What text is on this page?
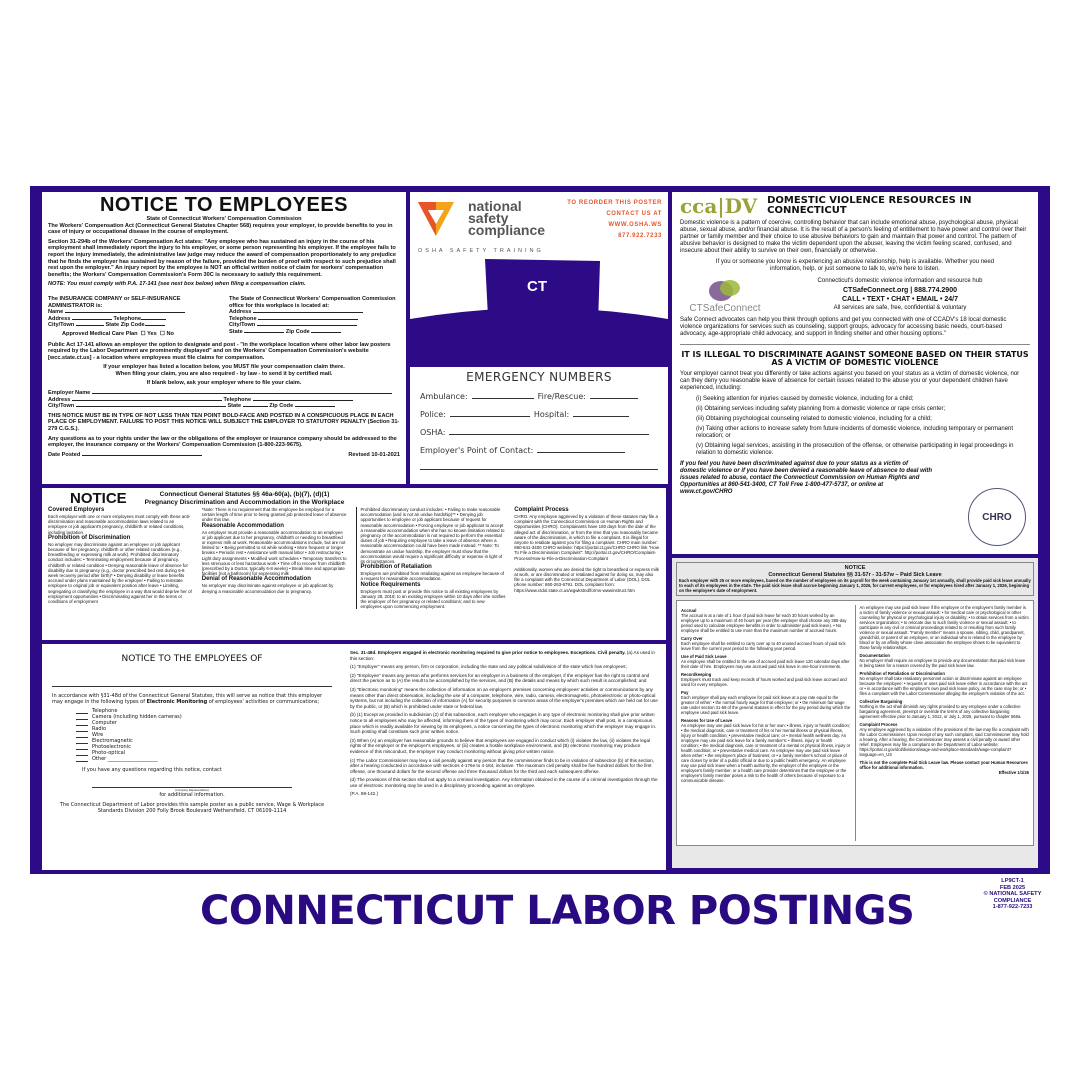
NOTICE TO EMPLOYEES
State of Connecticut Workers' Compensation Commission

The Workers' Compensation Act (Connecticut General Statutes Chapter 568) requires your employer, to provide benefits to you in case of injury or occupational disease in the course of employment.

Section 31-294b of the Workers' Compensation Act states: "Any employee who has sustained an injury in the course of his employment shall immediately report the injury to his employer, or some person representing his employer. If the employee fails to report the injury immediately, the administrative law judge may reduce the award of compensation proportionately to any prejudice that he finds the employer has sustained by reason of the failure, provided the burden of proof with respect to such prejudice shall rest upon the employer." An injury report by the employee is NOT an official written notice of claim for workers' compensation benefits; the Workers' Compensation Commission's Form 30C is necessary to satisfy this requirement.

NOTE: You must comply with P.A. 17-141 (see next box below) when filing a compensation claim.

The INSURANCE COMPANY or SELF-INSURANCE ADMINISTRATOR is:
Name
Address	Telephone
City/Town	State Zip Code
Approved Medical Care Plan  ☐ Yes  ☐ No
The State of Connecticut Workers' Compensation Commission office for this workplace is located at:
Address
Telephone
City/Town
State	Zip Code

Public Act 17-141 allows an employer the option to designate and post - "in the workplace location where other labor law posters required by the Labor Department are prominently displayed" and on the Workers' Compensation Commission's website [wcc.state.ct.us] - a location where employees must file claims for compensation.

If your employer has listed a location below, you MUST file your compensation claim there.
When filing your claim, you are also required - by law - to send it by certified mail.
If blank below, ask your employer where to file your claim.
Employer Name
Address	Telephone
City/Town	State	Zip Code

THIS NOTICE MUST BE IN TYPE OF NOT LESS THAN TEN POINT BOLD-FACE AND POSTED IN A CONSPICUOUS PLACE IN EACH PLACE OF EMPLOYMENT. FAILURE TO POST THIS NOTICE WILL SUBJECT THE EMPLOYER TO STATUTORY PENALTY (Section 31-279 C.G.S.).

Any questions as to your rights under the law or the obligations of the employer or insurance company should be addressed to the employer, the insurance company or the Workers' Compensation Commission (1-800-223-9675).

Date Posted	Revised 10-01-2021
national
safety
compliance
OSHA SAFETY TRAINING
TO REORDER THIS POSTER
CONTACT US AT
WWW.OSHA.WS
877.922.7233
CT
EMERGENCY NUMBERS
Ambulance:	Fire/Rescue:
Police:	Hospital:
OSHA:
Employer's Point of Contact:
cca|DV DOMESTIC VIOLENCE RESOURCES IN CONNECTICUT

Domestic violence is a pattern of coercive, controlling behavior that can include emotional abuse, psychological abuse, physical abuse, sexual abuse, and/or financial abuse. It is the result of a person's feeling of entitlement to have power and control over their partner or family member and their choice to use abusive behaviors to gain and maintain that power and control. The pattern of abusive behavior is designed to make the victim dependent upon the abuser, leaving the victim feeling scared, confused, and insecure about their ability to survive on their own, financially or otherwise.

If you or someone you know is experiencing an abusive relationship, help is available. Whether you need information, help, or just someone to talk to, we're here to listen.

CTSafeConnect
Connecticut's domestic violence information and resource hub
CTSafeConnect.org | 888.774.2900
CALL • TEXT • CHAT • EMAIL • 24/7
All services are safe, free, confidential & voluntary

Safe Connect advocates can help you think through options and get you connected with one of CCADV's 18 local domestic violence organizations for services such as counseling, support groups, advocacy for accessing basic needs, court-based advocacy, age-appropriate child advocacy, and support in finding shelter and other housing options."

IT IS ILLEGAL TO DISCRIMINATE AGAINST SOMEONE BASED ON THEIR STATUS AS A VICTIM OF DOMESTIC VIOLENCE

Your employer cannot treat you differently or take actions against you based on your status as a victim of domestic violence, nor can they deny you reasonable leave of absence for certain issues related to the abuse you or your dependent children have experienced, including:

(i) Seeking attention for injuries caused by domestic violence, including for a child;
(ii) Obtaining services including safety planning from a domestic violence or rape crisis center;
(iii) Obtaining psychological counseling related to domestic violence, including for a child;
(iv) Taking other actions to increase safety from future incidents of domestic violence, including temporary or permanent relocation; or
(v) Obtaining legal services, assisting in the prosecution of the offense, or otherwise participating in legal proceedings in relation to domestic violence.

If you feel you have been discriminated against due to your status as a victim of domestic violence or if you have been denied a reasonable leave of absence to deal with issues related to abuse, contact the Connecticut Commission on Human Rights and Opportunities at 860-541-3400, CT Toll Free 1-800-477-5737, or online at www.ct.gov/CHRO

CHRO
NOTICE	Connecticut General Statutes §§ 46a-60(a), (b)(7), (d)(1)
Pregnancy Discrimination and Accommodation in the Workplace
Covered Employers
Each employer with one or more employees must comply with these anti-discrimination and reasonable accommodation laws related to an employee or job applicant's pregnancy, childbirth or related conditions, including lactation.
Prohibition of Discrimination
No employer may discriminate against an employee or job applicant because of her pregnancy, childbirth or other related conditions (e.g., breastfeeding or expressing milk at work). Prohibited discriminatory conduct includes: • Terminating employment because of pregnancy, childbirth or related condition • Denying reasonable leave of absence for disability due to pregnancy (e.g., doctor prescribed bed rest during 6-8 week recovery period after birth)* • Denying disability or leave benefits accrued under plans maintained by the employer • Failing to reinstate employee to original job or equivalent position after leave • Limiting, segregating or classifying the employee in a way that would deprive her of employment opportunities • Discriminating against her in the terms or conditions of employment
*Note: There is no requirement that the employee be employed for a certain length of time prior to being granted job protected leave of absence under this law.
Reasonable Accommodation
An employer must provide a reasonable accommodation to an employee or job applicant due to her pregnancy, childbirth or needing to breastfeed or express milk at work. Reasonable accommodations include, but are not limited to: • Being permitted to sit while working • More frequent or longer breaks • Periodic rest • Assistance with manual labor • Job restructuring • Light duty assignments • Modified work schedules • Temporary transfers to less strenuous or less hazardous work • Time off to recover from childbirth (prescribed by a Doctor, typically 6-8 weeks) • Break time and appropriate facilities (not a bathroom) for expressing milk
Denial of Reasonable Accommodation
No employer may discriminate against employee or job applicant by denying a reasonable accommodation due to pregnancy.
Prohibited discriminatory conduct includes: • Failing to make reasonable accommodation (and is not an undue hardship)** • Denying job opportunities to employee or job applicant because of request for reasonable accommodation • Forcing employee or job applicant to accept a reasonable accommodation when she has no known limitation related to pregnancy or the accommodation is not required to perform the essential duties of job • Requiring employee to take a leave of absence where a reasonable accommodation could have been made instead. ** Note: To demonstrate an undue hardship, the employer must show that the accommodation would require a significant difficulty or expense in light of its circumstances.
Prohibition of Retaliation
Employers are prohibited from retaliating against an employee because of a request for reasonable accommodation.
Notice Requirements
Employers must post or provide this notice to all existing employees by January 28, 2018; to an existing employee within 10 days after she notifies the employer of her pregnancy or related conditions; and to new employees upon commencing employment.
Complaint Process
CHRO. Any employee aggrieved by a violation of these statutes may file a complaint with the Connecticut Commission on Human Rights and Opportunities (CHRO). Complainants have 180 days from the date of the alleged act of discrimination, or from the time that you reasonably became aware of the discrimination, in which to file a complaint. It is illegal for anyone to retaliate against you for filing a complaint. CHRO main number: 860-541-3400 CHRO website: https://portal.ct.gov/CHRO CHRO link "How To File a Discrimination Complaint": http://portal.ct.gov/CHRO/Complaint-Process/How-to-File-a-Discrimination-Complaint
Additionally, women who are denied the right to breastfeed or express milk at work, or are discriminated or retaliated against for doing so, may also file a complaint with the Connecticut Department of Labor (DOL). DOL phone number: 860-263-6791. DOL complaint form: https://www.ctdol.state.ct.us/wgwkstnd/forms-wwwinstruct.htm
NOTICE TO THE EMPLOYEES OF

In accordance with §31-48d of the Connecticut General Statutes, this will serve as notice that this employer may engage in the following types of Electronic Monitoring of employees' activities or communications;

Telephone
Camera (including hidden cameras)
Computer
Radio
Wire
Electromagnetic
Photoelectronic
Photo-optical
Other ____________________

If you have any questions regarding this notice, contact

(Company Representative)
for additional information.

The Connecticut Department of Labor provides this sample poster as a public service, Wage & Workplace Standards Division 200 Folly Brook Boulevard Wethersfield, CT 06109-1114

Sec. 31-48d. Employers engaged in electronic monitoring required to give prior notice to employees. Exceptions. Civil penalty. (a) As used in this section:

(1) "Employer" means any person, firm or corporation, including the state and any political subdivision of the state which has employees;

(2) "Employee" means any person who performs services for an employer in a business of the employer, if the employer has the right to control and direct the person as to (A) the result to be accomplished by the services, and (B) the details and means by which such result is accomplished; and

(3) "Electronic monitoring" means the collection of information on an employer's premises concerning employees' activities or communications by any means other than direct observation, including the use of a computer, telephone, wire, radio, camera, electromagnetic, photoelectronic or photo-optical systems, but not including the collection of information (A) for security purposes in common areas of the employer's premises which are held out for use by the public, or (B) which is prohibited under state or federal law.

(b) (1) Except as provided in subdivision (2) of this subsection, each employer who engages in any type of electronic monitoring shall give prior written notice to all employees who may be affected, informing them of the types of monitoring which may occur. Each employer shall post, in a conspicuous place which is readily available for viewing by its employees, a notice concerning the types of electronic monitoring which the employer may engage in. Such posting shall constitute such prior written notice.

(2) When (A) an employer has reasonable grounds to believe that employees are engaged in conduct which (i) violates the law, (ii) violates the legal rights of the employer or the employer's employees, or (iii) creates a hostile workplace environment, and (B) electronic monitoring may produce evidence of this misconduct, the employer may conduct monitoring without giving prior written notice.

(c) The Labor Commissioner may levy a civil penalty against any person that the commissioner finds to be in violation of subsection (b) of this section, after a hearing conducted in accordance with sections 4-176e to 4-184, inclusive. The maximum civil penalty shall be five hundred dollars for the first offense, one thousand dollars for the second offense and three thousand dollars for the third and each subsequent offense.

(d) The provisions of this section shall not apply to a criminal investigation. Any information obtained in the course of a criminal investigation through the use of electronic monitoring may be used in a disciplinary proceeding against an employee.

(P.A. 98-142.)

NOTICE
Connecticut General Statutes §§ 31-57r - 31-57w – Paid Sick Leave
Each employer with 25 or more employees, based on the number of employees on its payroll for the week containing January 1st annually, shall provide paid sick leave annually to each of its employees in the state. The paid sick leave shall accrue beginning January 1, 2026, for current employees, or for employees hired after January 1, 2026, beginning on the employee's date of employment.
Accrual
The accrual is at a rate of 1 hour of paid sick leave for each 30 hours worked by an employee up to a maximum of 40 hours per year (the employer shall choose any 365-day period used to calculate employee benefits in order to administer paid sick leave). • No employee shall be entitled to use more than the maximum number of accrued hours.
Carry Over
Each employee shall be entitled to carry over up to 40 unused accrued hours of paid sick leave from the current year period to the following year period.
Use of Paid Sick Leave
An employee shall be entitled to the use of accrued paid sick leave 120 calendar days after their date of hire. Employees may use accrued paid sick leave in one-hour increments.
Recordkeeping
Employers must track and keep records of hours worked and paid sick leave accrued and used for every employee.
Pay
Each employer shall pay each employee for paid sick leave at a pay rate equal to the greater of either: • the normal hourly wage for that employee; or • the minimum fair wage rate under section 31-58 of the general statutes in effect for the pay period during which the employee used paid sick leave.
Reasons for Use of Leave
An employee may use paid sick leave for his or her own: • illness, injury or health condition; • the medical diagnosis, care or treatment of his or her mental illness or physical illness, injury or health condition; • preventative medical care; or • mental health wellness day. An employee may use paid sick leave for a family member's: • illness, injury or health condition; • the medical diagnosis, care or treatment of a mental or physical illness, injury or health condition; or • preventative medical care. An employee may use paid sick leave when either: • the employee's place of business; or • a family member's school or place of care closes by order of a public official or due to a public health emergency. An employee may use paid sick leave when a health authority, the employer of the employee or the employee's family member, or a health care provider determines that the employee or the employee's family member poses a risk to the health of others because of exposure to a communicable disease.
An employee may use paid sick leave if the employee or the employee's family member is a victim of family violence or sexual assault: • for medical care or psychological or other counseling for physical or psychological injury or disability; • to obtain services from a victim services organization; • to relocate due to such family violence or sexual assault; • to participate in any civil or criminal proceedings related to or resulting from such family violence or sexual assault. "Family member" means a spouse, sibling, child, grandparent, grandchild, or parent of an employee, or an individual who is related to the employee by blood or by an affinity whose close association the employee shows to be equivalent to those family relationships.
Documentation
No employer shall require an employee to provide any documentation that paid sick leave is being taken for a reason covered by the paid sick leave law.
Prohibition of Retaliation or Discrimination
No employer shall take retaliatory personnel action or discriminate against an employee because the employee: • requests or uses paid sick leave either in accordance with the act or • in accordance with the employer's own paid sick leave policy, as the case may be; or • files a complaint with the Labor Commissioner alleging the employer's violation of the act.
Collective Bargaining
Nothing in the act shall diminish any rights provided to any employee under a collective bargaining agreement, preempt or override the terms of any collective bargaining agreement effective prior to January 1, 2012, or July 1, 2025, pursuant to chapter 568a.
Complaint Process
Any employee aggrieved by a violation of the provisions of the law may file a complaint with the Labor Commissioner. Upon receipt of any such complaint, said Commissioner may hold a hearing. After a hearing, the Commissioner may assess a civil penalty or award other relief. Employees may file a complaint on the Department of Labor website: https://portal.ct.gov/dol/divisions/wage-and-workplace-standards/wage-complaint?language=en_US
This is not the complete Paid Sick Leave law. Please contact your Human Resources office for additional information.
Effective 1/1/26
CONNECTICUT LABOR POSTINGS
LP9CT-1
FEB 2025
© NATIONAL SAFETY
COMPLIANCE
1-877-922-7233
